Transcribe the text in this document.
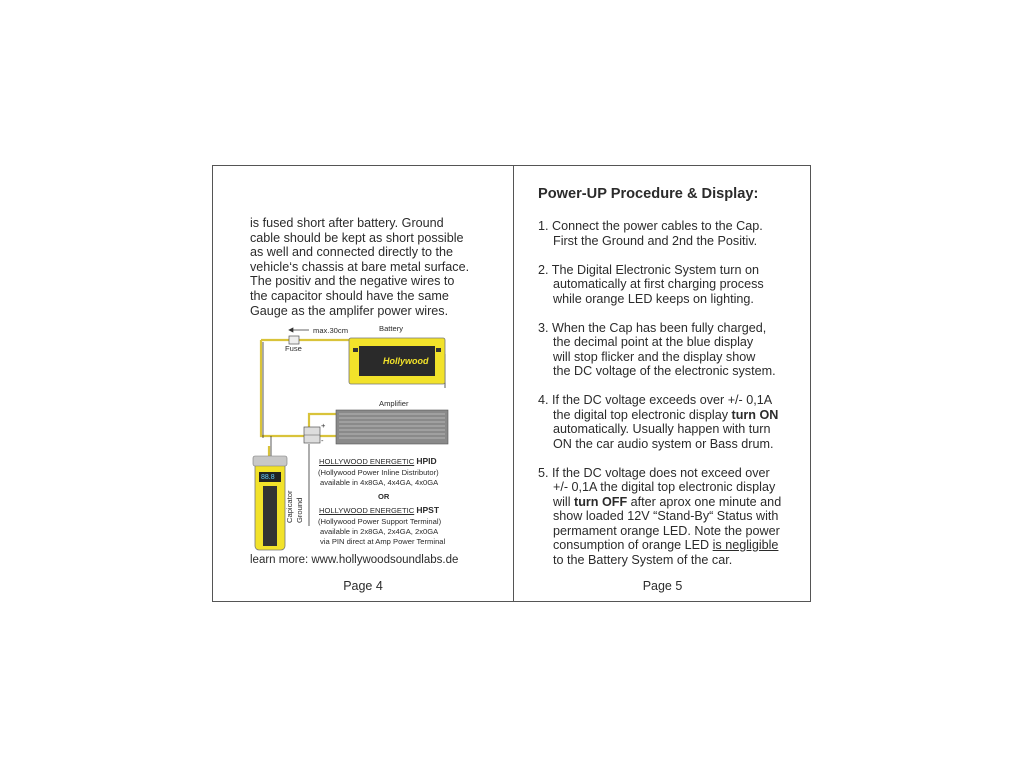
is fused short after battery. Ground
cable should be kept as short possible
as well and connected directly to the
vehicle‘s chassis at bare metal surface.
The positiv and the negative wires to
the capacitor should have the same
Gauge as the amplifer power wires.
max.30cm	Battery
Fuse
Amplifier
Hollywood
88.8
Capicator Ground
+
-
HOLLYWOOD ENERGETIC HPID
(Hollywood Power Inline Distributor)
available in 4x8GA, 4x4GA, 4x0GA
OR
HOLLYWOOD ENERGETIC HPST
(Hollywood Power Support Terminal)
available in 2x8GA, 2x4GA, 2x0GA
via PIN direct at Amp Power Terminal
learn more: www.hollywoodsoundlabs.de
Page 4
Power-UP Procedure & Display:
1. Connect the power cables to the Cap.
First the Ground and 2nd the Positiv.
2. The Digital Electronic System turn on
automatically at first charging process
while orange LED keeps on lighting.
3. When the Cap has been fully charged,
the decimal point at the blue display
will stop flicker and the display show
the DC voltage of the electronic system.
4. If the DC voltage exceeds over +/- 0,1A
the digital top electronic display turn ON
automatically. Usually happen with turn
ON the car audio system or Bass drum.
5. If the DC voltage does not exceed over
+/- 0,1A the digital top electronic display
will turn OFF after aprox one minute and
show loaded 12V “Stand-By“ Status with
permament orange LED. Note the power
consumption of orange LED is negligible
to the Battery System of the car.
Page 5
